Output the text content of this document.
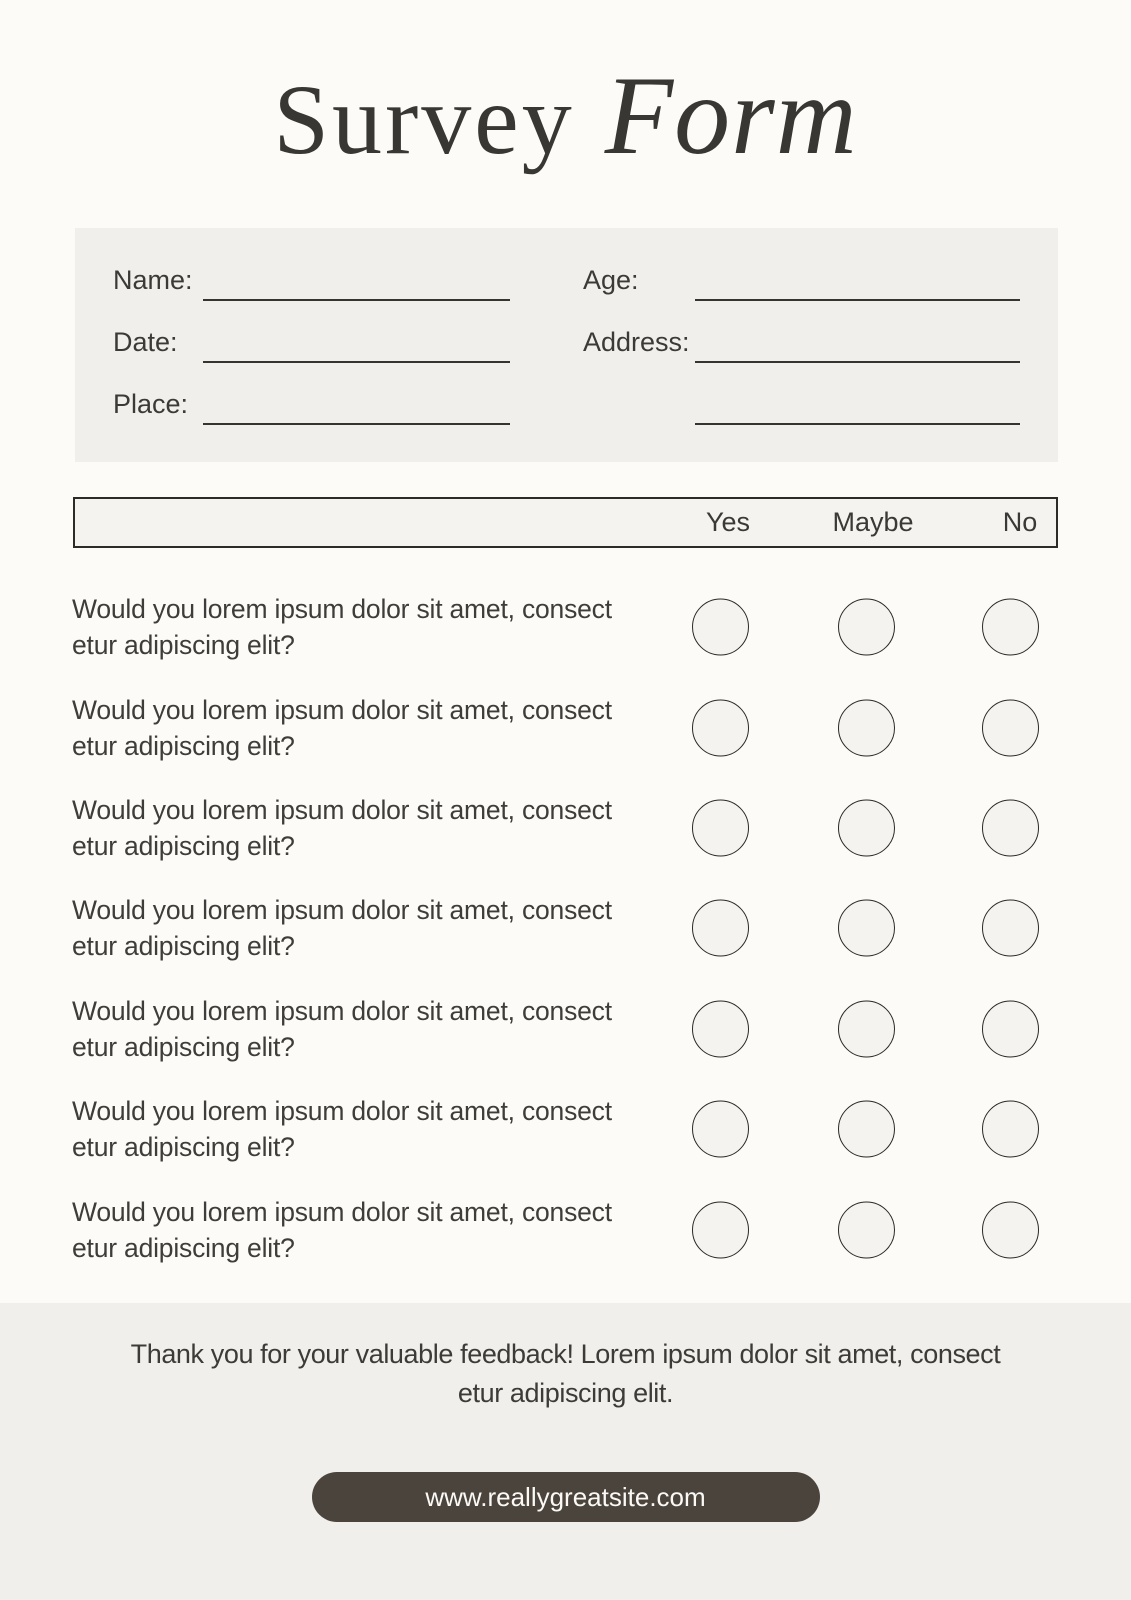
Survey Form
Name:
Date:
Place:
Age:
Address:
Yes	Maybe	No
Would you lorem ipsum dolor sit amet, consect
etur adipiscing elit?
Would you lorem ipsum dolor sit amet, consect
etur adipiscing elit?
Would you lorem ipsum dolor sit amet, consect
etur adipiscing elit?
Would you lorem ipsum dolor sit amet, consect
etur adipiscing elit?
Would you lorem ipsum dolor sit amet, consect
etur adipiscing elit?
Would you lorem ipsum dolor sit amet, consect
etur adipiscing elit?
Would you lorem ipsum dolor sit amet, consect
etur adipiscing elit?
Thank you for your valuable feedback! Lorem ipsum dolor sit amet, consect
etur adipiscing elit.
www.reallygreatsite.com
